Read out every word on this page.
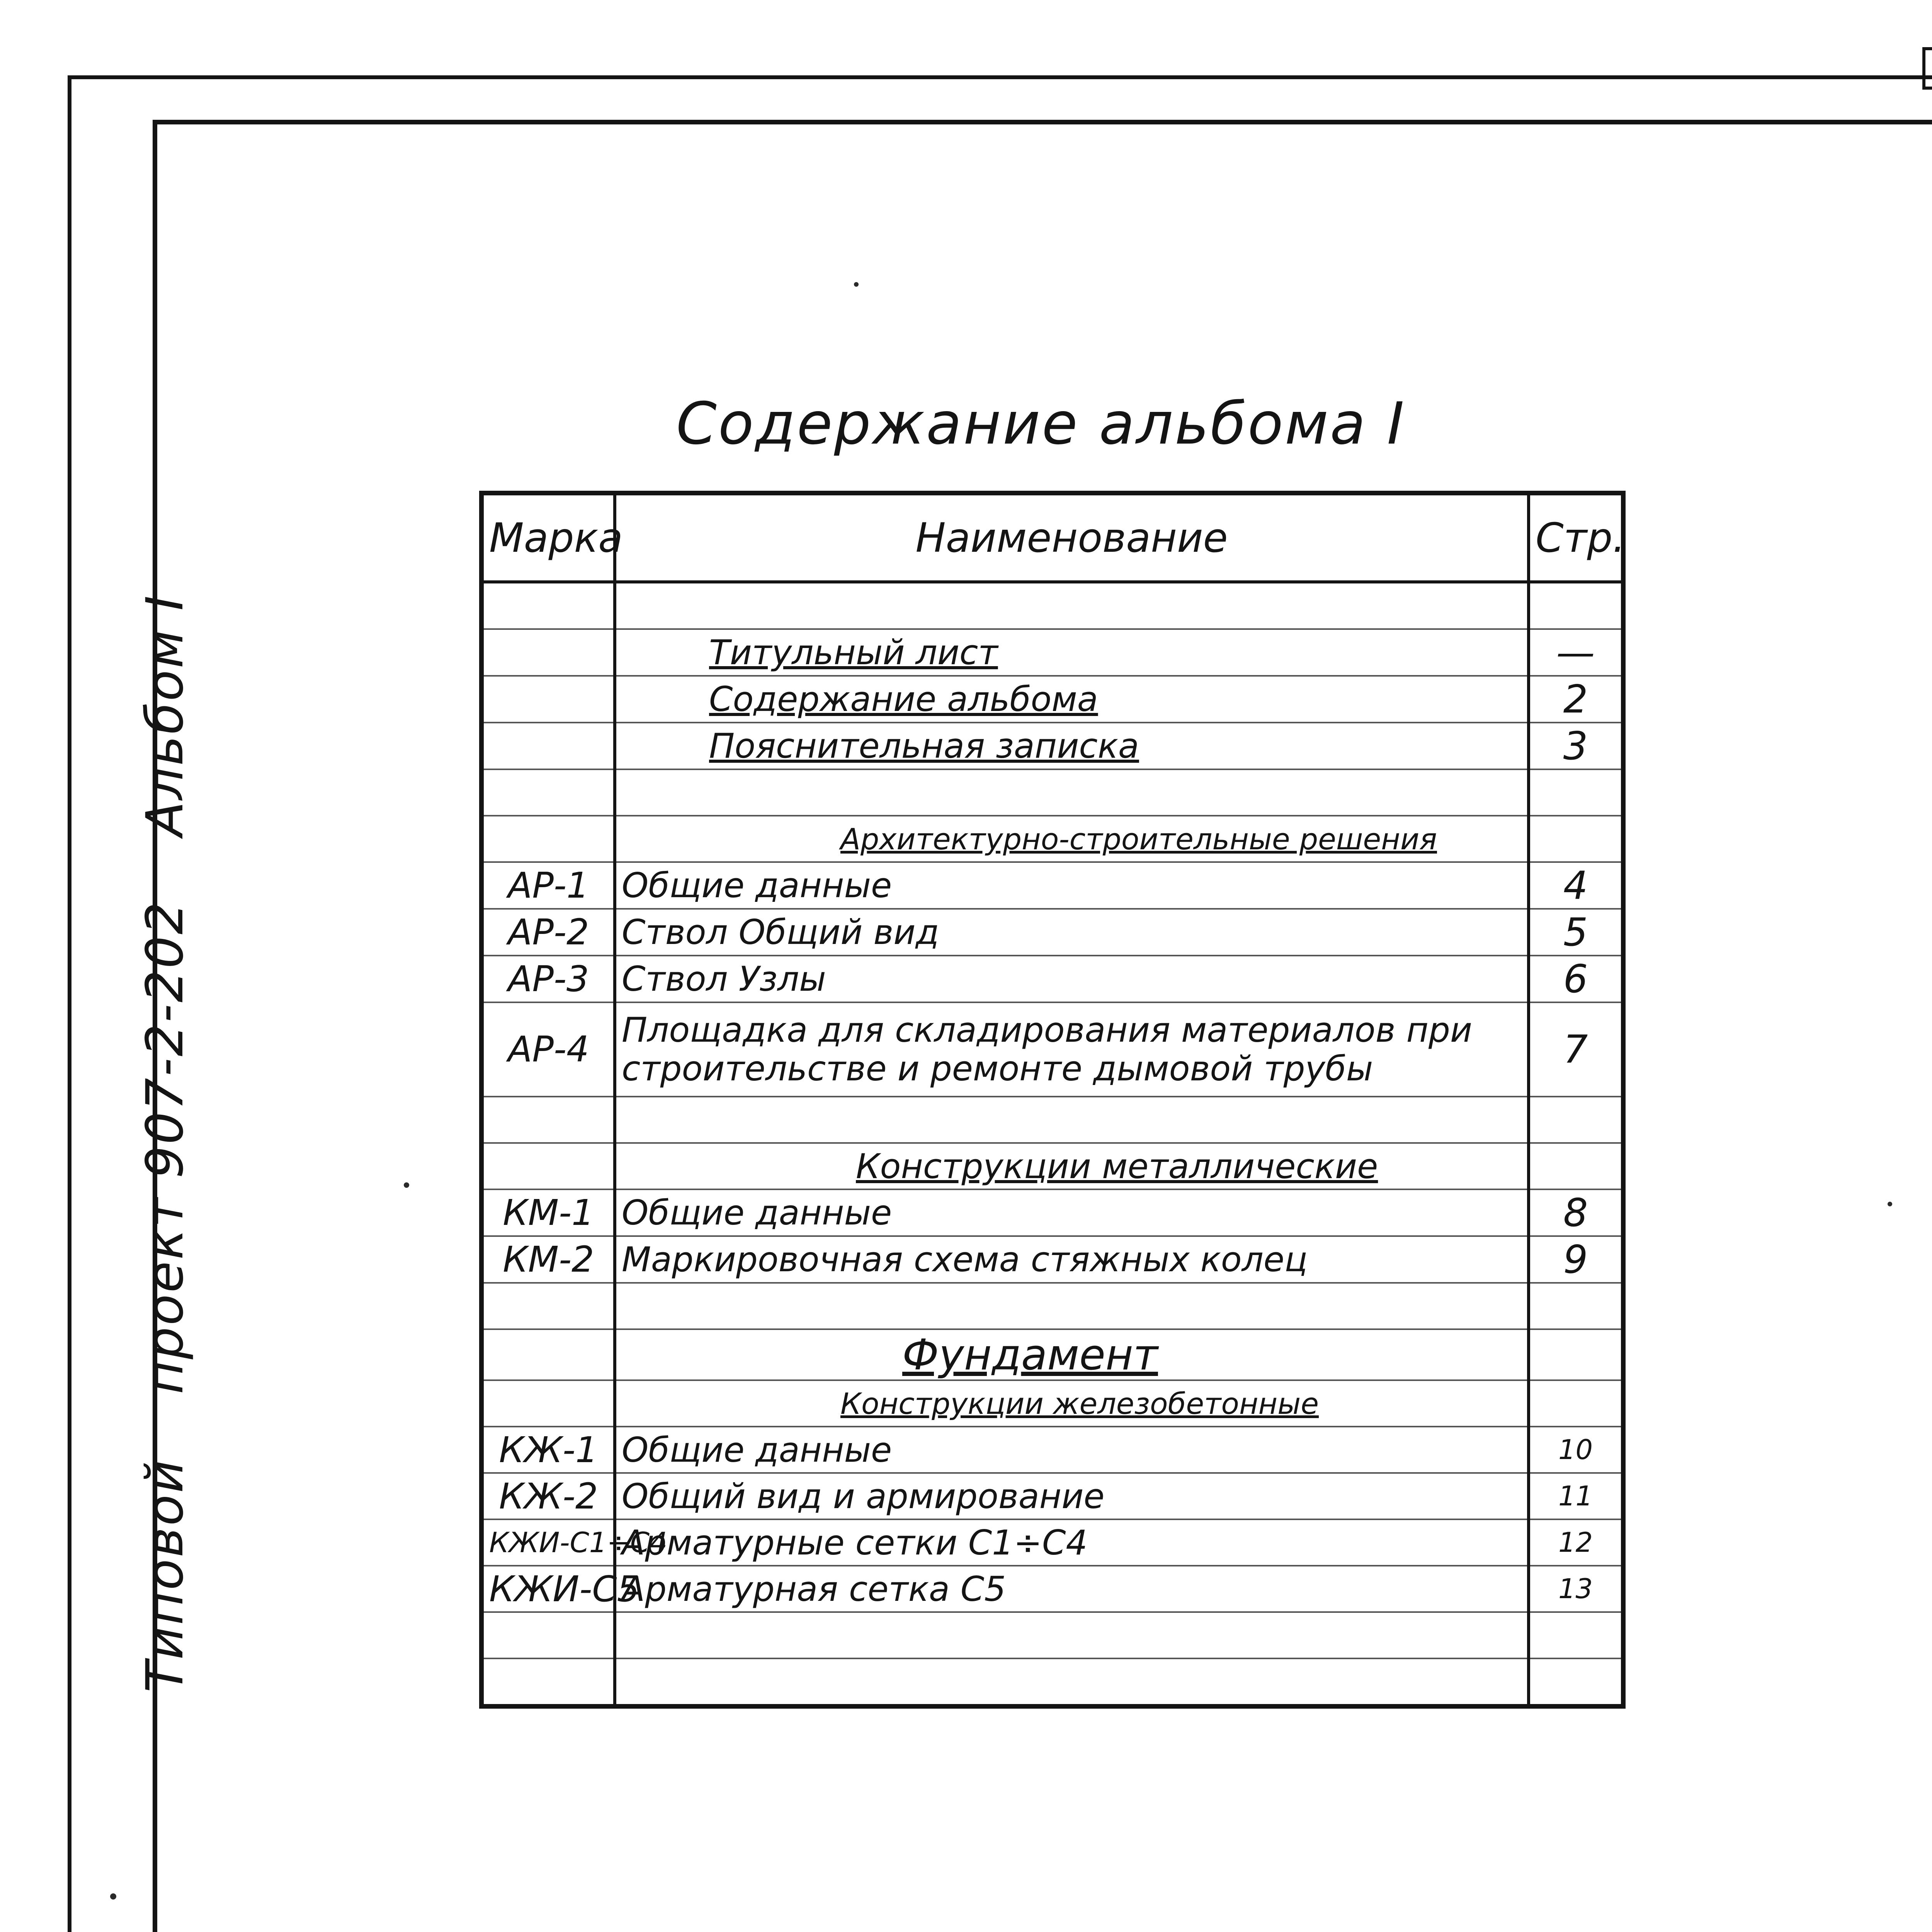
Типовой проект 907-2-202 Альбом I
Содержание альбома I
Марка	Наименование	Стр.

	Титульный лист	—
	Содержание альбома	2
	Пояснительная записка	3

	Архитектурно-строительные решения	
АР-1	Общие данные	4
АР-2	Ствол Общий вид	5
АР-3	Ствол Узлы	6
АР-4	Площадка для складирования материалов при строительстве и ремонте дымовой трубы	7

	Конструкции металлические	
КМ-1	Общие данные	8
КМ-2	Маркировочная схема стяжных колец	9

	Фундамент	
	Конструкции железобетонные	
КЖ-1	Общие данные	10
КЖ-2	Общий вид и армирование	11
КЖИ-С1÷С4	Арматурные сетки С1÷С4	12
КЖИ-С5	Арматурная сетка С5	13
